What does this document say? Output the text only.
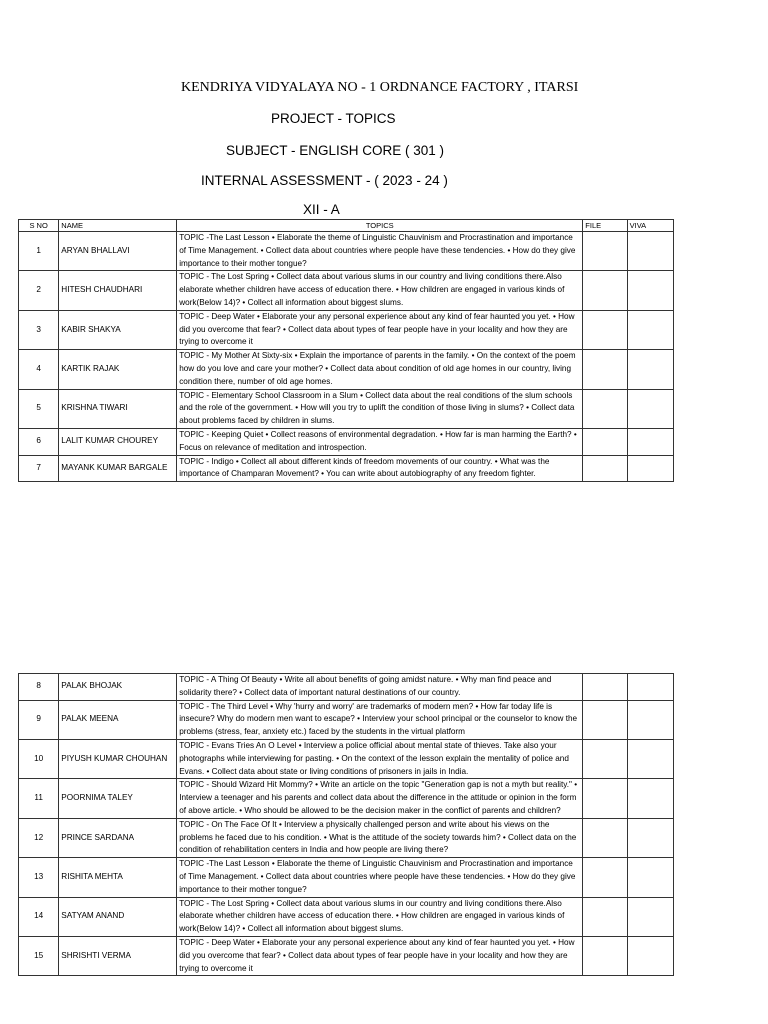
KENDRIYA VIDYALAYA NO - 1 ORDNANCE FACTORY , ITARSI
PROJECT - TOPICS
SUBJECT - ENGLISH CORE ( 301 )
INTERNAL ASSESSMENT - ( 2023 - 24 )
XII - A
S NO	NAME	TOPICS	FILE	VIVA
1	ARYAN BHALLAVI	TOPIC -The Last Lesson • Elaborate the theme of Linguistic Chauvinism and Procrastination and importance of Time Management. • Collect data about countries where people have these tendencies. • How do they give importance to their mother tongue?		
2	HITESH CHAUDHARI	TOPIC - The Lost Spring • Collect data about various slums in our country and living conditions there.Also elaborate whether children have access of education there. • How children are engaged in various kinds of work(Below 14)? • Collect all information about biggest slums.		
3	KABIR SHAKYA	TOPIC - Deep Water • Elaborate your any personal experience about any kind of fear haunted you yet. • How did you overcome that fear? • Collect data about types of fear people have in your locality and how they are trying to overcome it		
4	KARTIK RAJAK	TOPIC - My Mother At Sixty-six • Explain the importance of parents in the family. • On the context of the poem how do you love and care your mother? • Collect data about condition of old age homes in our country, living condition there, number of old age homes.		
5	KRISHNA TIWARI	TOPIC - Elementary School Classroom in a Slum • Collect data about the real conditions of the slum schools and the role of the government. • How will you try to uplift the condition of those living in slums? • Collect data about problems faced by children in slums.		
6	LALIT KUMAR CHOUREY	TOPIC - Keeping Quiet • Collect reasons of environmental degradation. • How far is man harming the Earth? • Focus on relevance of meditation and introspection.		
7	MAYANK KUMAR BARGALE	TOPIC - Indigo • Collect all about different kinds of freedom movements of our country. • What was the importance of Champaran Movement? • You can write about autobiography of any freedom fighter.		
8	PALAK BHOJAK	TOPIC - A Thing Of Beauty • Write all about benefits of going amidst nature. • Why man find peace and solidarity there? • Collect data of important natural destinations of our country.		
9	PALAK MEENA	TOPIC - The Third Level • Why 'hurry and worry' are trademarks of modern men? • How far today life is insecure? Why do modern men want to escape? • Interview your school principal or the counselor to know the problems (stress, fear, anxiety etc.) faced by the students in the virtual platform		
10	PIYUSH KUMAR CHOUHAN	TOPIC - Evans Tries An O Level • Interview a police official about mental state of thieves. Take also your photographs while interviewing for pasting. • On the context of the lesson explain the mentality of police and Evans. • Collect data about state or living conditions of prisoners in jails in India.		
11	POORNIMA TALEY	TOPIC - Should Wizard Hit Mommy? • Write an article on the topic "Generation gap is not a myth but reality." • Interview a teenager and his parents and collect data about the difference in the attitude or opinion in the form of above article. • Who should be allowed to be the decision maker in the conflict of parents and children?		
12	PRINCE SARDANA	TOPIC - On The Face Of It • Interview a physically challenged person and write about his views on the problems he faced due to his condition. • What is the attitude of the society towards him? • Collect data on the condition of rehabilitation centers in India and how people are living there?		
13	RISHITA MEHTA	TOPIC -The Last Lesson • Elaborate the theme of Linguistic Chauvinism and Procrastination and importance of Time Management. • Collect data about countries where people have these tendencies. • How do they give importance to their mother tongue?		
14	SATYAM ANAND	TOPIC - The Lost Spring • Collect data about various slums in our country and living conditions there.Also elaborate whether children have access of education there. • How children are engaged in various kinds of work(Below 14)? • Collect all information about biggest slums.		
15	SHRISHTI VERMA	TOPIC - Deep Water • Elaborate your any personal experience about any kind of fear haunted you yet. • How did you overcome that fear? • Collect data about types of fear people have in your locality and how they are trying to overcome it		
